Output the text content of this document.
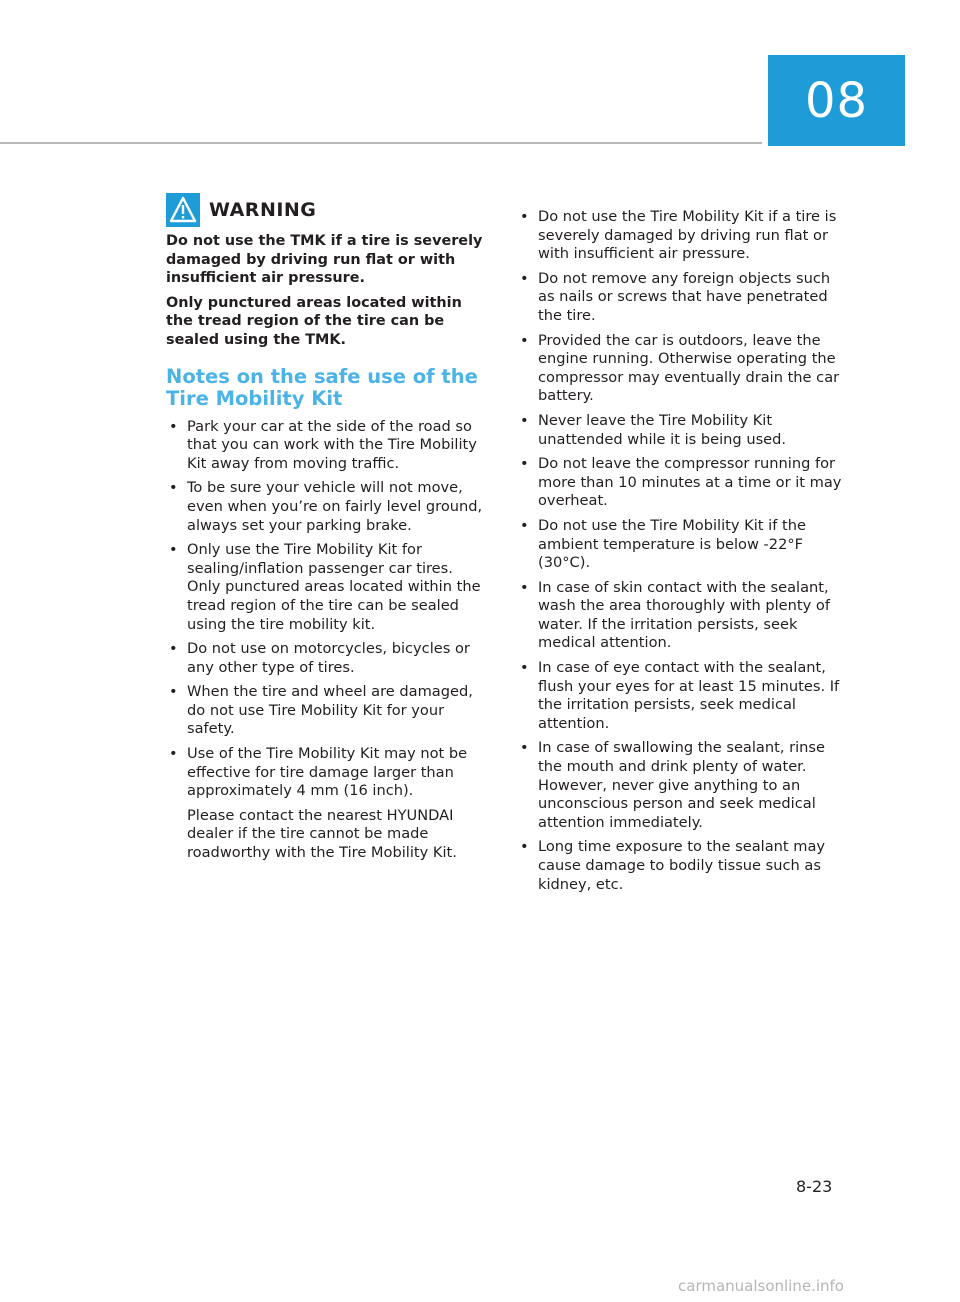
08
WARNING

Do not use the TMK if a tire is severely damaged by driving run flat or with insufficient air pressure.

Only punctured areas located within the tread region of the tire can be sealed using the TMK.

Notes on the safe use of the Tire Mobility Kit
• Park your car at the side of the road so that you can work with the Tire Mobility Kit away from moving traffic.
• To be sure your vehicle will not move, even when you’re on fairly level ground, always set your parking brake.
• Only use the Tire Mobility Kit for sealing/inflation passenger car tires. Only punctured areas located within the tread region of the tire can be sealed using the tire mobility kit.
• Do not use on motorcycles, bicycles or any other type of tires.
• When the tire and wheel are damaged, do not use Tire Mobility Kit for your safety.
• Use of the Tire Mobility Kit may not be effective for tire damage larger than approximately 4 mm (16 inch).
Please contact the nearest HYUNDAI dealer if the tire cannot be made roadworthy with the Tire Mobility Kit.
• Do not use the Tire Mobility Kit if a tire is severely damaged by driving run flat or with insufficient air pressure.
• Do not remove any foreign objects such as nails or screws that have penetrated the tire.
• Provided the car is outdoors, leave the engine running. Otherwise operating the compressor may eventually drain the car battery.
• Never leave the Tire Mobility Kit unattended while it is being used.
• Do not leave the compressor running for more than 10 minutes at a time or it may overheat.
• Do not use the Tire Mobility Kit if the ambient temperature is below -22°F (30°C).
• In case of skin contact with the sealant, wash the area thoroughly with plenty of water. If the irritation persists, seek medical attention.
• In case of eye contact with the sealant, flush your eyes for at least 15 minutes. If the irritation persists, seek medical attention.
• In case of swallowing the sealant, rinse the mouth and drink plenty of water. However, never give anything to an unconscious person and seek medical attention immediately.
• Long time exposure to the sealant may cause damage to bodily tissue such as kidney, etc.
8-23
carmanualsonline.info
